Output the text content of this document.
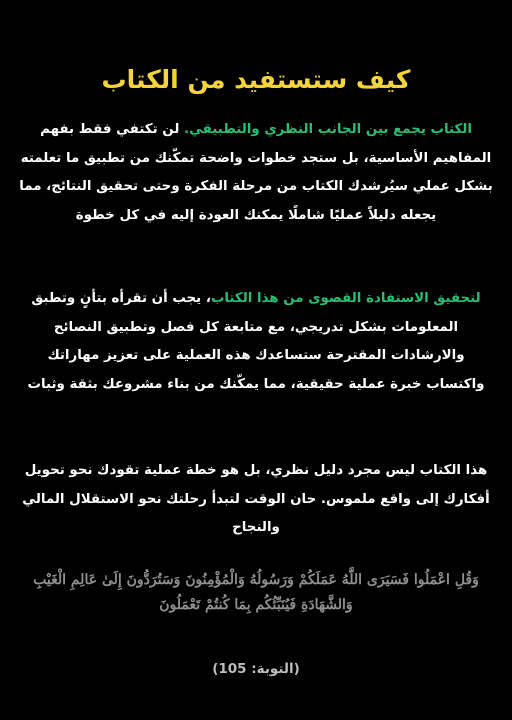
كيف ستستفيد من الكتاب

الكتاب يجمع بين الجانب النظري والتطبيقي. لن تكتفي فقط بفهم المفاهيم الأساسية، بل ستجد خطوات واضحة تمكّنك من تطبيق ما تعلمته بشكل عملي سيُرشدك الكتاب من مرحلة الفكرة وحتى تحقيق النتائج، مما يجعله دليلاً عمليًا شاملًا يمكنك العودة إليه في كل خطوة

لتحقيق الاستفادة القصوى من هذا الكتاب، يجب أن تقرأه بتأنٍ وتطبق المعلومات بشكل تدريجي، مع متابعة كل فصل وتطبيق النصائح والارشادات المقترحة ستساعدك هذه العملية على تعزيز مهاراتك واكتساب خبرة عملية حقيقية، مما يمكّنك من بناء مشروعك بثقة وثبات

هذا الكتاب ليس مجرد دليل نظري، بل هو خطة عملية تقودك نحو تحويل أفكارك إلى واقع ملموس. حان الوقت لتبدأ رحلتك نحو الاستقلال المالي والنجاح

وَقُلِ اعْمَلُوا فَسَيَرَى اللَّهُ عَمَلَكُمْ وَرَسُولُهُ وَالْمُؤْمِنُونَ وَسَتُرَدُّونَ إِلَىٰ عَالِمِ الْغَيْبِ وَالشَّهَادَةِ فَيُنَبِّئُكُم بِمَا كُنتُمْ تَعْمَلُونَ

(التوبة: 105)
